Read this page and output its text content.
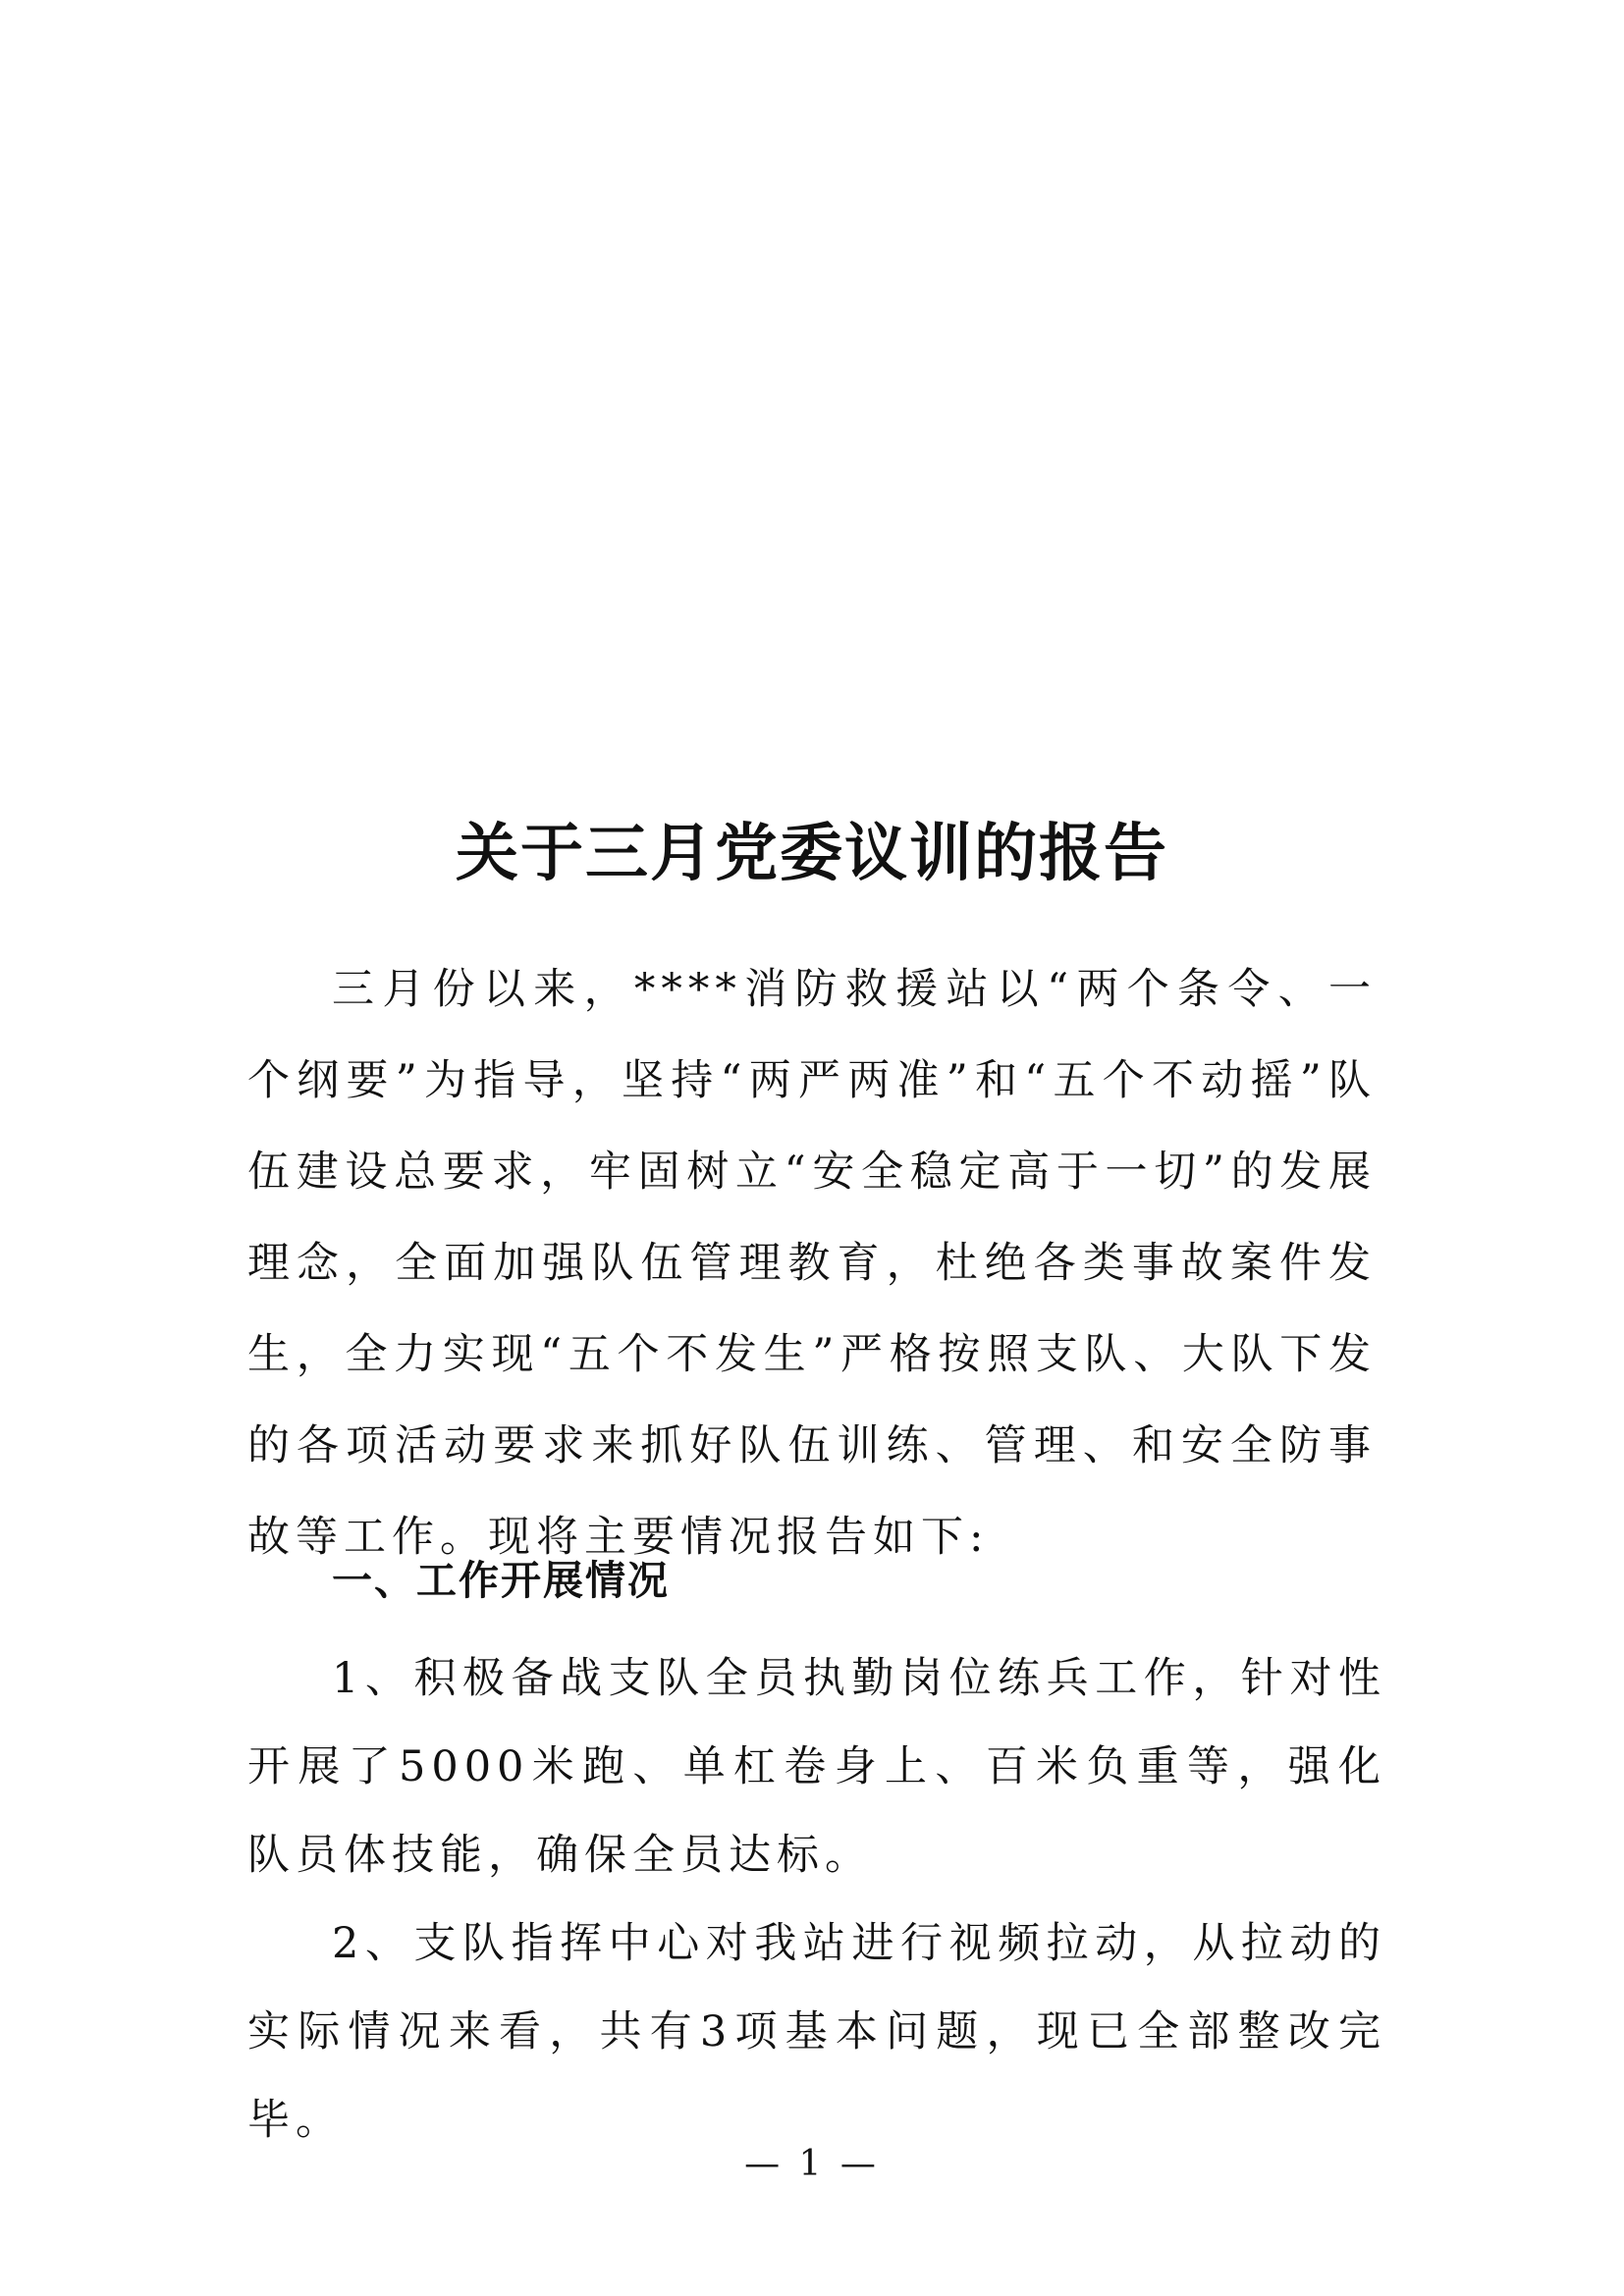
关于三月党委议训的报告

三月份以来，****消防救援站以“两个条令、一个纲要”为指导，坚持“两严两准”和“五个不动摇”队伍建设总要求，牢固树立“安全稳定高于一切”的发展理念，全面加强队伍管理教育，杜绝各类事故案件发生，全力实现“五个不发生”严格按照支队、大队下发的各项活动要求来抓好队伍训练、管理、和安全防事故等工作。现将主要情况报告如下:

一、工作开展情况

1、积极备战支队全员执勤岗位练兵工作，针对性开展了5000米跑、单杠卷身上、百米负重等，强化队员体技能，确保全员达标。

2、支队指挥中心对我站进行视频拉动，从拉动的实际情况来看，共有3项基本问题，现已全部整改完毕。

— 1 —
